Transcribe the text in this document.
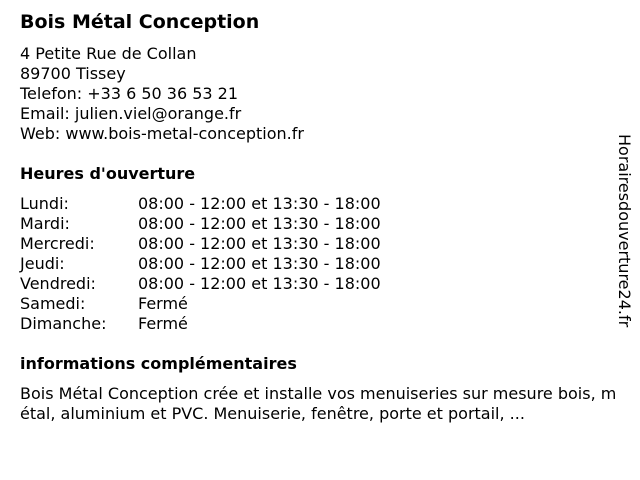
Bois Métal Conception
4 Petite Rue de Collan
89700 Tissey
Telefon: +33 6 50 36 53 21
Email: julien.viel@orange.fr
Web: www.bois-metal-conception.fr
Heures d'ouverture
Lundi:	08:00 - 12:00 et 13:30 - 18:00
Mardi:	08:00 - 12:00 et 13:30 - 18:00
Mercredi:	08:00 - 12:00 et 13:30 - 18:00
Jeudi:	08:00 - 12:00 et 13:30 - 18:00
Vendredi:	08:00 - 12:00 et 13:30 - 18:00
Samedi:	Fermé
Dimanche:	Fermé
informations complémentaires
Bois Métal Conception crée et installe vos menuiseries sur mesure bois, métal, aluminium et PVC. Menuiserie, fenêtre, porte et portail, ...
Horairesdouverture24.fr
